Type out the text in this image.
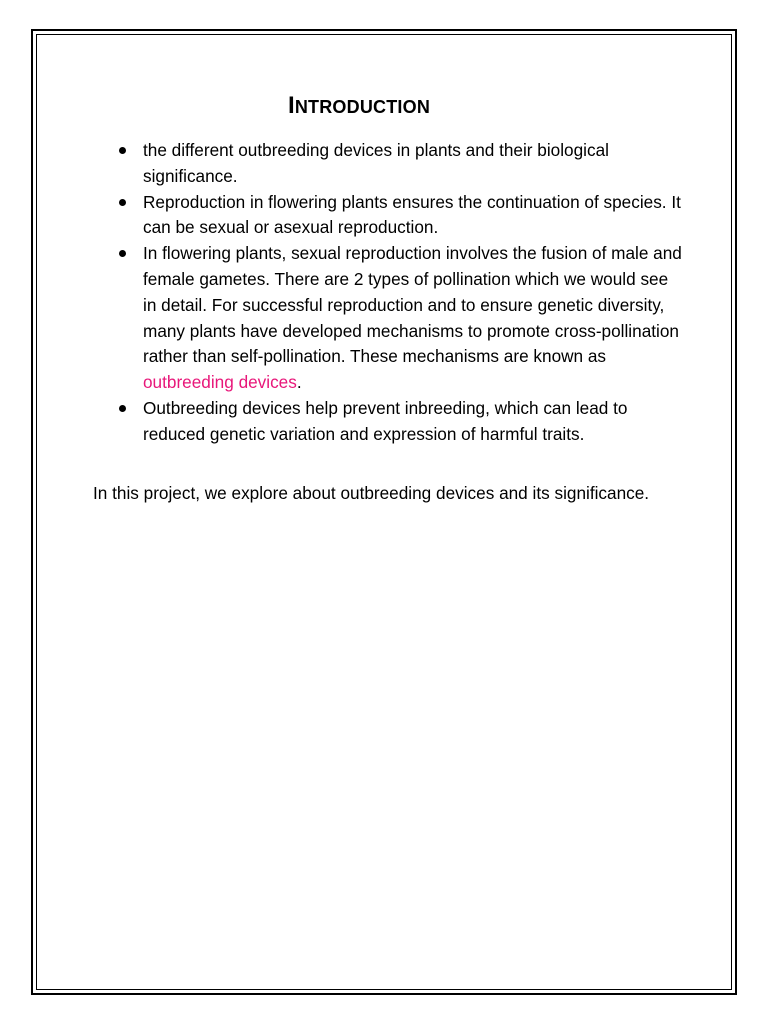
INTRODUCTION
the different outbreeding devices in plants and their biological significance.
Reproduction in flowering plants ensures the continuation of species. It can be sexual or asexual reproduction.
In flowering plants, sexual reproduction involves the fusion of male and female gametes. There are 2 types of pollination which we would see in detail. For successful reproduction and to ensure genetic diversity, many plants have developed mechanisms to promote cross-pollination rather than self-pollination. These mechanisms are known as outbreeding devices.
Outbreeding devices help prevent inbreeding, which can lead to reduced genetic variation and expression of harmful traits.

In this project, we explore about outbreeding devices and its significance.
